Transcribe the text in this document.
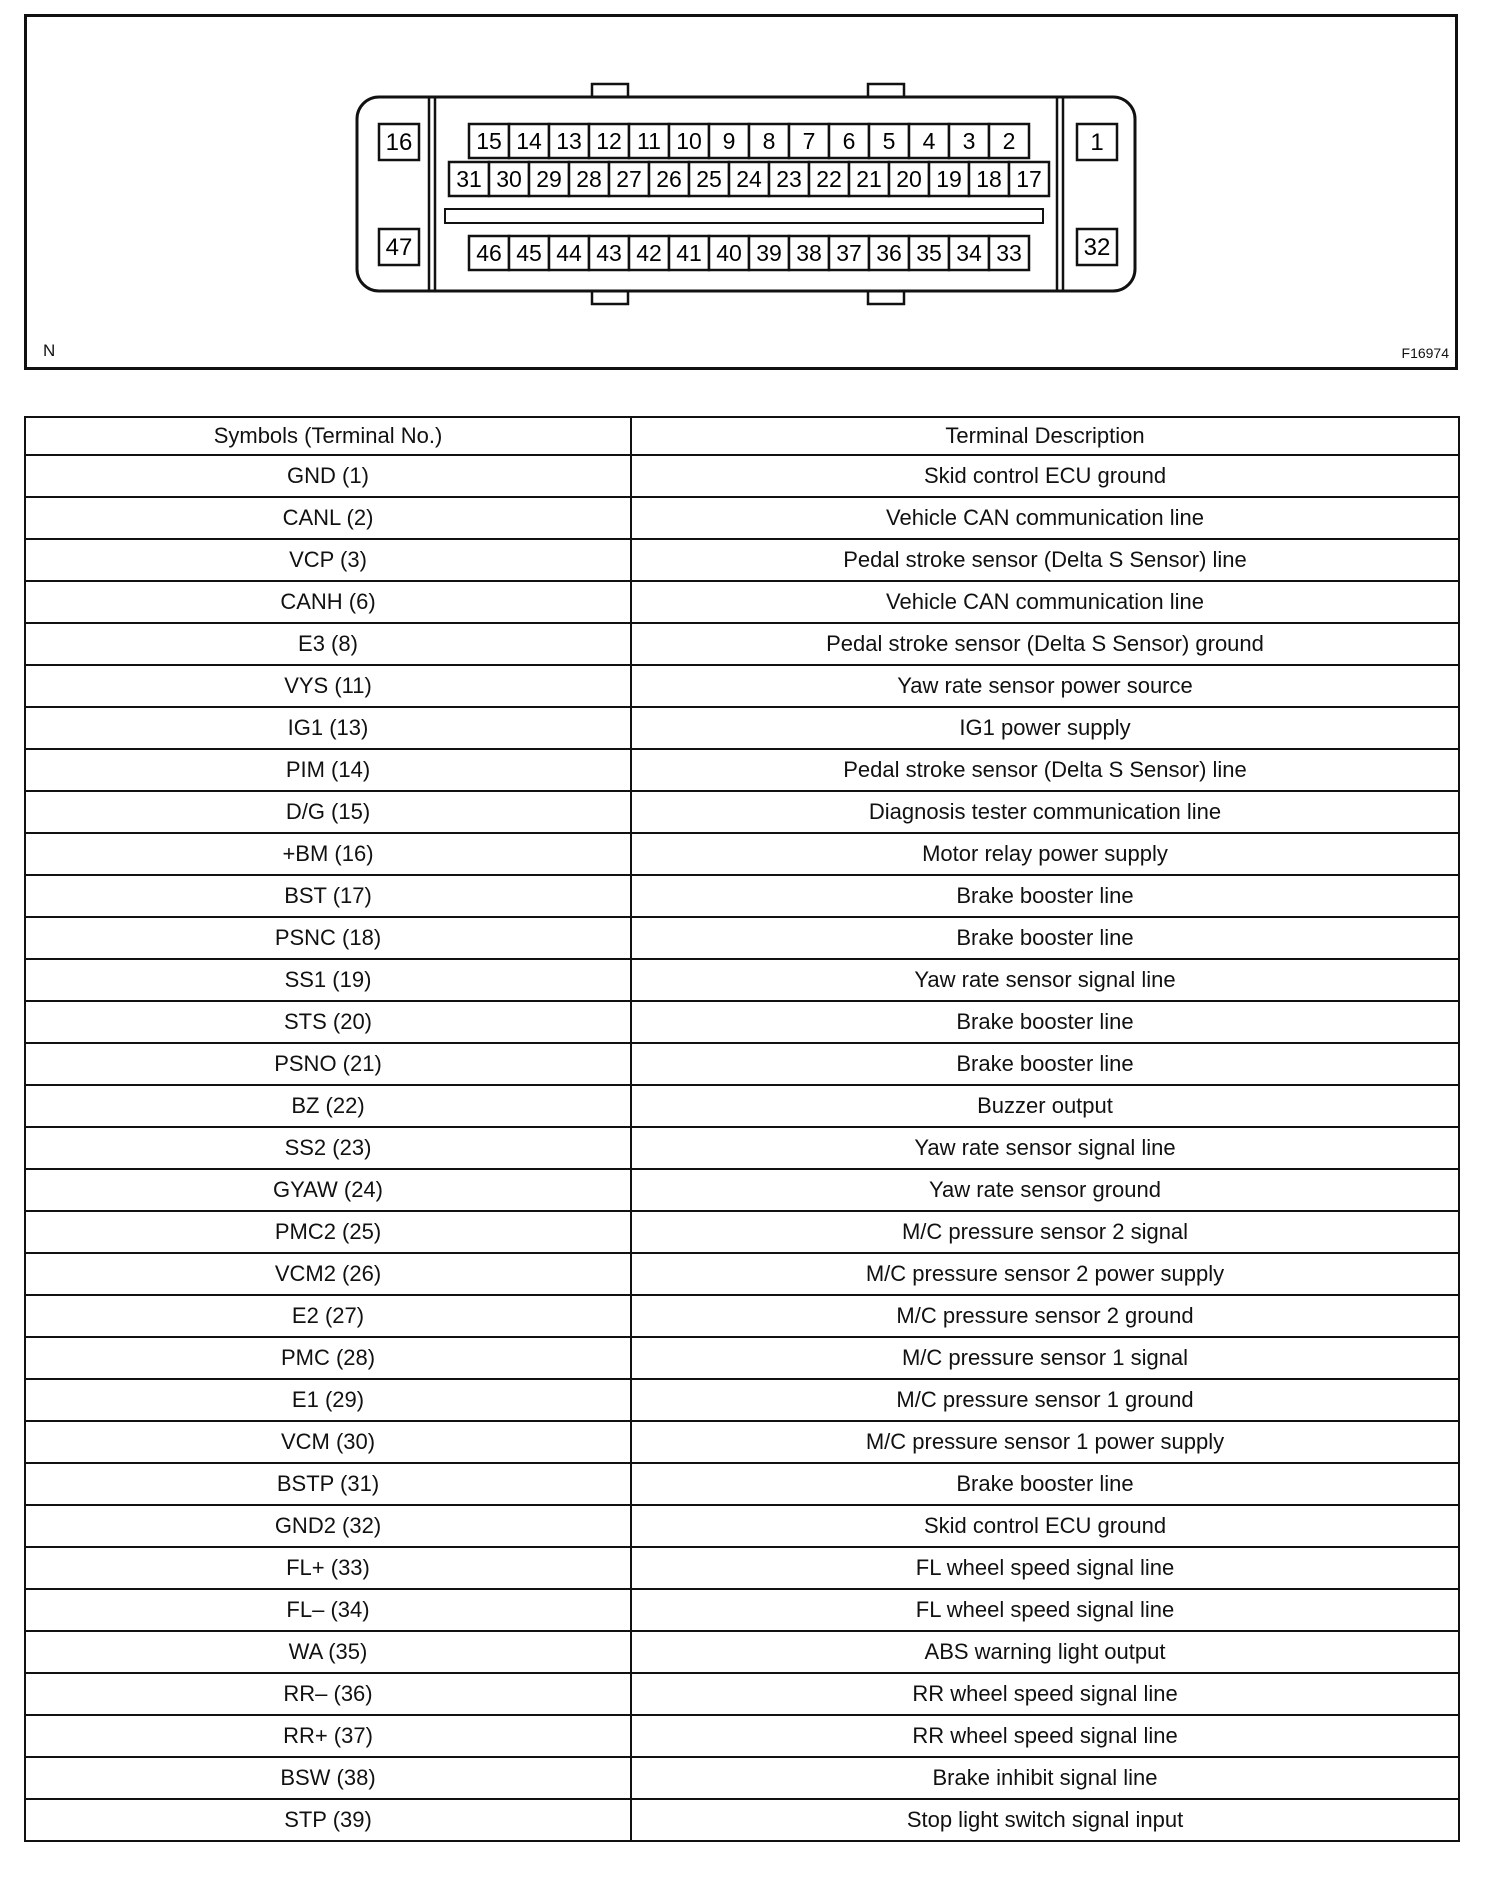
16
47
1
32
15 14 13 12 11 10 9 8 7 6 5 4 3 2
31 30 29 28 27 26 25 24 23 22 21 20 19 18 17
46 45 44 43 42 41 40 39 38 37 36 35 34 33
N	F16974
Symbols (Terminal No.)	Terminal Description
GND (1)	Skid control ECU ground
CANL (2)	Vehicle CAN communication line
VCP (3)	Pedal stroke sensor (Delta S Sensor) line
CANH (6)	Vehicle CAN communication line
E3 (8)	Pedal stroke sensor (Delta S Sensor) ground
VYS (11)	Yaw rate sensor power source
IG1 (13)	IG1 power supply
PIM (14)	Pedal stroke sensor (Delta S Sensor) line
D/G (15)	Diagnosis tester communication line
+BM (16)	Motor relay power supply
BST (17)	Brake booster line
PSNC (18)	Brake booster line
SS1 (19)	Yaw rate sensor signal line
STS (20)	Brake booster line
PSNO (21)	Brake booster line
BZ (22)	Buzzer output
SS2 (23)	Yaw rate sensor signal line
GYAW (24)	Yaw rate sensor ground
PMC2 (25)	M/C pressure sensor 2 signal
VCM2 (26)	M/C pressure sensor 2 power supply
E2 (27)	M/C pressure sensor 2 ground
PMC (28)	M/C pressure sensor 1 signal
E1 (29)	M/C pressure sensor 1 ground
VCM (30)	M/C pressure sensor 1 power supply
BSTP (31)	Brake booster line
GND2 (32)	Skid control ECU ground
FL+ (33)	FL wheel speed signal line
FL– (34)	FL wheel speed signal line
WA (35)	ABS warning light output
RR– (36)	RR wheel speed signal line
RR+ (37)	RR wheel speed signal line
BSW (38)	Brake inhibit signal line
STP (39)	Stop light switch signal input
